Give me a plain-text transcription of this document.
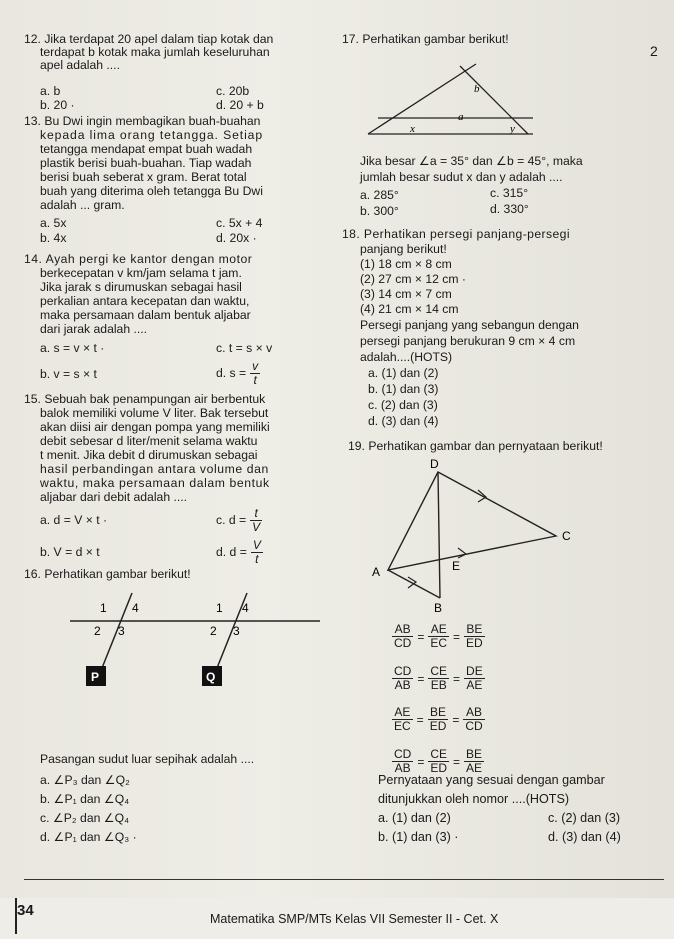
12. Jika terdapat 20 apel dalam tiap kotak dan
terdapat b kotak maka jumlah keseluruhan
apel adalah ....
a. b	c. 20b
b. 20 ·	d. 20 + b
13. Bu Dwi ingin membagikan buah-buahan
kepada lima orang tetangga. Setiap
tetangga mendapat empat buah wadah
plastik berisi buah-buahan. Tiap wadah
berisi buah seberat x gram. Berat total
buah yang diterima oleh tetangga Bu Dwi
adalah ... gram.
a. 5x	c. 5x + 4
b. 4x	d. 20x ·
14. Ayah pergi ke kantor dengan motor
berkecepatan v km/jam selama t jam.
Jika jarak s dirumuskan sebagai hasil
perkalian antara kecepatan dan waktu,
maka persamaan dalam bentuk aljabar
dari jarak adalah ....
a. s = v × t ·	c. t = s × v
b. v = s × t	d. $s = \frac{v}{t}$
15. Sebuah bak penampungan air berbentuk
balok memiliki volume V liter. Bak tersebut
akan diisi air dengan pompa yang memiliki
debit sebesar d liter/menit selama waktu
t menit. Jika debit d dirumuskan sebagai
hasil perbandingan antara volume dan
waktu, maka persamaan dalam bentuk
aljabar dari debit adalah ....
a. d = V × t ·	c. $d = \frac{t}{V}$
b. V = d × t	d. $d = \frac{V}{t}$
16. Perhatikan gambar berikut!
1 4
2 3
1 4
2 3
P	Q
Pasangan sudut luar sepihak adalah ....
a. ∠P₃ dan ∠Q₂
b. ∠P₁ dan ∠Q₄
c. ∠P₂ dan ∠Q₄
d. ∠P₁ dan ∠Q₃ ·
2
17. Perhatikan gambar berikut!
b
a
x	y
Jika besar ∠a = 35° dan ∠b = 45°, maka
jumlah besar sudut x dan y adalah ....
a. 285°	c. 315°
b. 300°	d. 330°
18. Perhatikan persegi panjang-persegi
panjang berikut!
(1) 18 cm × 8 cm
(2) 27 cm × 12 cm ·
(3) 14 cm × 7 cm
(4) 21 cm × 14 cm
Persegi panjang yang sebangun dengan
persegi panjang berukuran 9 cm × 4 cm
adalah....(HOTS)
a. (1) dan (2)
b. (1) dan (3)
c. (2) dan (3)
d. (3) dan (4)
19. Perhatikan gambar dan pernyataan berikut!
D
C
A	E
B
$\frac{AB}{CD} = \frac{AE}{EC} = \frac{BE}{ED}$
$\frac{CD}{AB} = \frac{CE}{EB} = \frac{DE}{AE}$
$\frac{AE}{EC} = \frac{BE}{ED} = \frac{AB}{CD}$
$\frac{CD}{AB} = \frac{CE}{ED} = \frac{BE}{AE}$
Pernyataan yang sesuai dengan gambar
ditunjukkan oleh nomor ....(HOTS)
a. (1) dan (2)	c. (2) dan (3)
b. (1) dan (3) ·	d. (3) dan (4)
34	Matematika SMP/MTs Kelas VII Semester II - Cet. X
